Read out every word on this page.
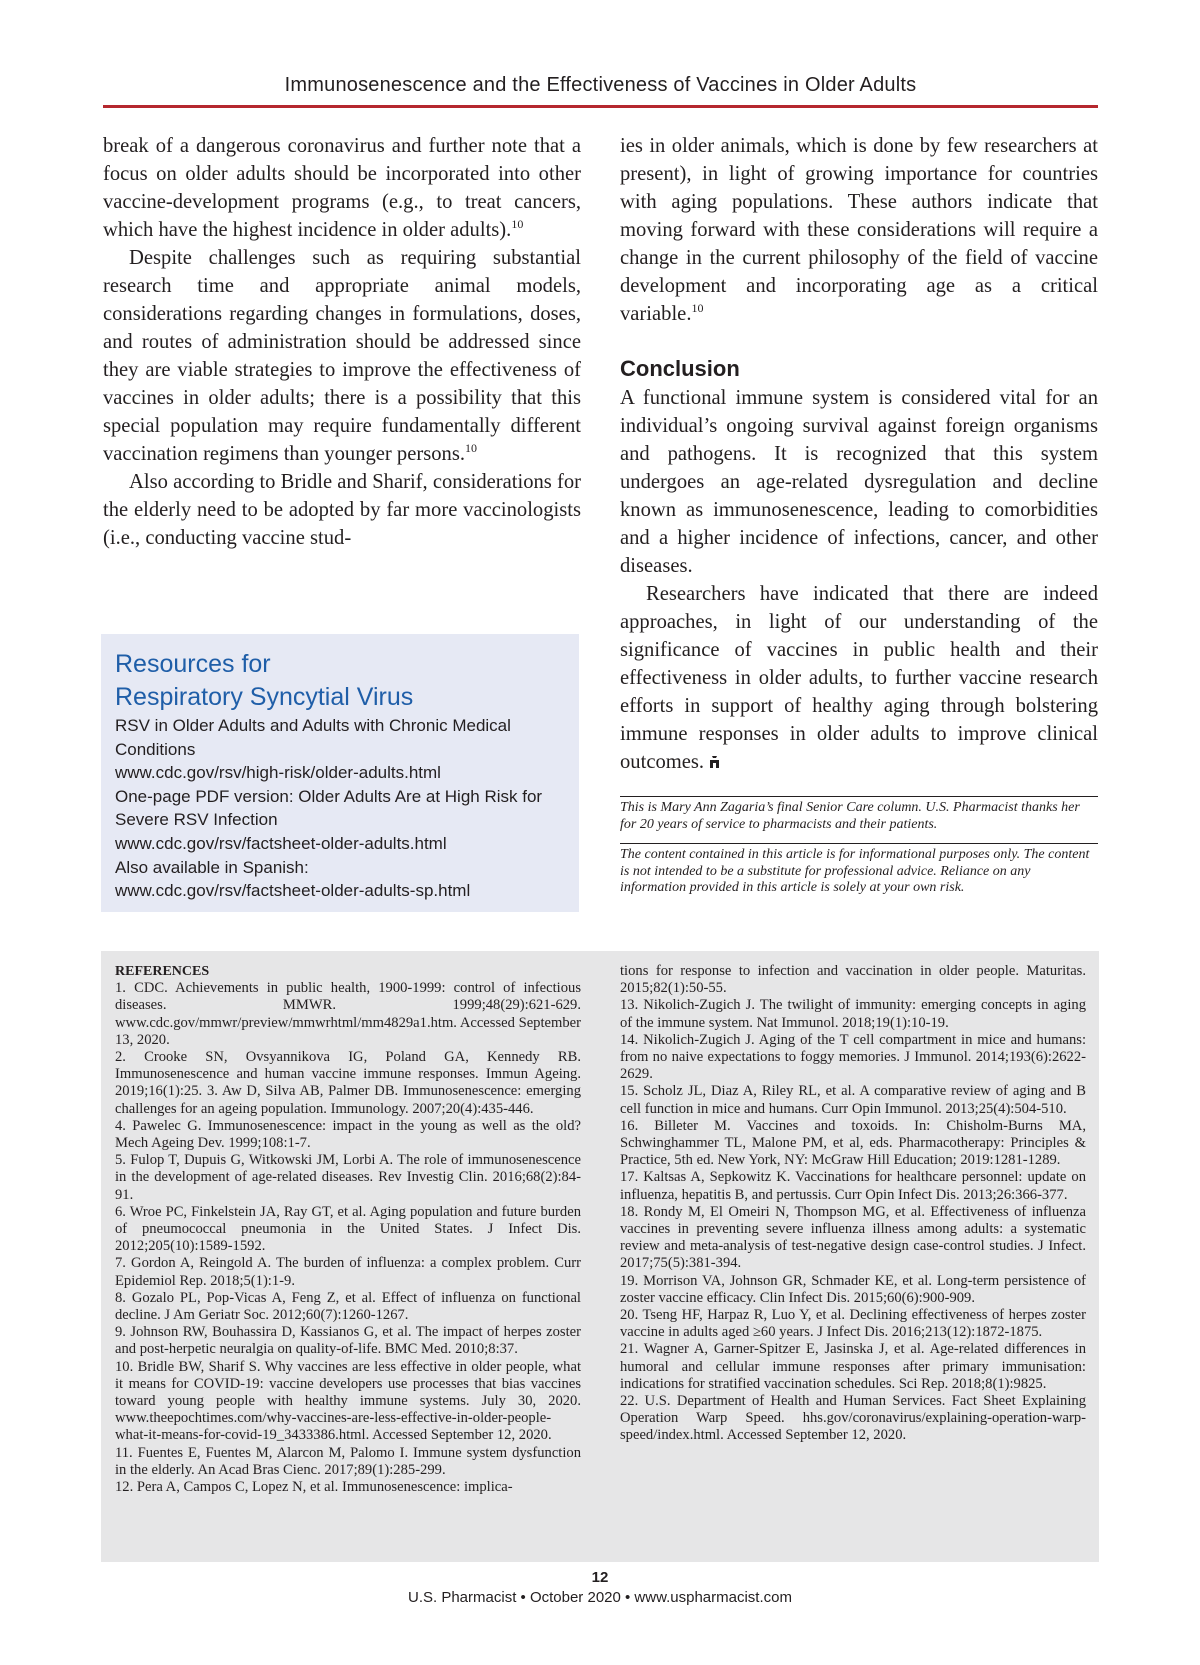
Immunosenescence and the Effectiveness of Vaccines in Older Adults

break of a dangerous coronavirus and further note that a focus on older adults should be incorporated into other vaccine-development programs (e.g., to treat cancers, which have the highest incidence in older adults).$^{10}$

Despite challenges such as requiring substantial research time and appropriate animal models, considerations regarding changes in formulations, doses, and routes of administration should be addressed since they are viable strategies to improve the effectiveness of vaccines in older adults; there is a possibility that this special population may require fundamentally different vaccination regimens than younger persons.$^{10}$

Also according to Bridle and Sharif, considerations for the elderly need to be adopted by far more vaccinologists (i.e., conducting vaccine stud-

Resources for
Respiratory Syncytial Virus
RSV in Older Adults and Adults with Chronic Medical
Conditions
www.cdc.gov/rsv/high-risk/older-adults.html
One-page PDF version: Older Adults Are at High Risk for
Severe RSV Infection
www.cdc.gov/rsv/factsheet-older-adults.html
Also available in Spanish:
www.cdc.gov/rsv/factsheet-older-adults-sp.html

ies in older animals, which is done by few researchers at present), in light of growing importance for countries with aging populations. These authors indicate that moving forward with these considerations will require a change in the current philosophy of the field of vaccine development and incorporating age as a critical variable.$^{10}$

Conclusion

A functional immune system is considered vital for an individual’s ongoing survival against foreign organisms and pathogens. It is recognized that this system undergoes an age-related dysregulation and decline known as immunosenescence, leading to comorbidities and a higher incidence of infections, cancer, and other diseases.

Researchers have indicated that there are indeed approaches, in light of our understanding of the significance of vaccines in public health and their effectiveness in older adults, to further vaccine research efforts in support of healthy aging through bolstering immune responses in older adults to improve clinical outcomes.

This is Mary Ann Zagaria’s final Senior Care column. U.S. Pharmacist thanks her for 20 years of service to pharmacists and their patients.
The content contained in this article is for informational purposes only. The content is not intended to be a substitute for professional advice. Reliance on any information provided in this article is solely at your own risk.

REFERENCES

1. CDC. Achievements in public health, 1900-1999: control of infectious diseases. MMWR. 1999;48(29):621-629. www.cdc.gov/mmwr/preview/mmwrhtml/mm4829a1.htm. Accessed September 13, 2020.

2. Crooke SN, Ovsyannikova IG, Poland GA, Kennedy RB. Immunosenescence and human vaccine immune responses. Immun Ageing. 2019;16(1):25. 3. Aw D, Silva AB, Palmer DB. Immunosenescence: emerging challenges for an ageing population. Immunology. 2007;20(4):435-446.

4. Pawelec G. Immunosenescence: impact in the young as well as the old? Mech Ageing Dev. 1999;108:1-7.

5. Fulop T, Dupuis G, Witkowski JM, Lorbi A. The role of immunosenescence in the development of age-related diseases. Rev Investig Clin. 2016;68(2):84-91.

6. Wroe PC, Finkelstein JA, Ray GT, et al. Aging population and future burden of pneumococcal pneumonia in the United States. J Infect Dis. 2012;205(10):1589-1592.

7. Gordon A, Reingold A. The burden of influenza: a complex problem. Curr Epidemiol Rep. 2018;5(1):1-9.

8. Gozalo PL, Pop-Vicas A, Feng Z, et al. Effect of influenza on functional decline. J Am Geriatr Soc. 2012;60(7):1260-1267.

9. Johnson RW, Bouhassira D, Kassianos G, et al. The impact of herpes zoster and post-herpetic neuralgia on quality-of-life. BMC Med. 2010;8:37.

10. Bridle BW, Sharif S. Why vaccines are less effective in older people, what it means for COVID-19: vaccine developers use processes that bias vaccines toward young people with healthy immune systems. July 30, 2020. www.theepochtimes.com/why-vaccines-are-less-effective-in-older-people-what-it-means-for-covid-19_3433386.html. Accessed September 12, 2020.

11. Fuentes E, Fuentes M, Alarcon M, Palomo I. Immune system dysfunction in the elderly. An Acad Bras Cienc. 2017;89(1):285-299.

12. Pera A, Campos C, Lopez N, et al. Immunosenescence: implica-

tions for response to infection and vaccination in older people. Maturitas. 2015;82(1):50-55.

13. Nikolich-Zugich J. The twilight of immunity: emerging concepts in aging of the immune system. Nat Immunol. 2018;19(1):10-19.

14. Nikolich-Zugich J. Aging of the T cell compartment in mice and humans: from no naive expectations to foggy memories. J Immunol. 2014;193(6):2622-2629.

15. Scholz JL, Diaz A, Riley RL, et al. A comparative review of aging and B cell function in mice and humans. Curr Opin Immunol. 2013;25(4):504-510.

16. Billeter M. Vaccines and toxoids. In: Chisholm-Burns MA, Schwinghammer TL, Malone PM, et al, eds. Pharmacotherapy: Principles & Practice, 5th ed. New York, NY: McGraw Hill Education; 2019:1281-1289.

17. Kaltsas A, Sepkowitz K. Vaccinations for healthcare personnel: update on influenza, hepatitis B, and pertussis. Curr Opin Infect Dis. 2013;26:366-377.

18. Rondy M, El Omeiri N, Thompson MG, et al. Effectiveness of influenza vaccines in preventing severe influenza illness among adults: a systematic review and meta-analysis of test-negative design case-control studies. J Infect. 2017;75(5):381-394.

19. Morrison VA, Johnson GR, Schmader KE, et al. Long-term persistence of zoster vaccine efficacy. Clin Infect Dis. 2015;60(6):900-909.

20. Tseng HF, Harpaz R, Luo Y, et al. Declining effectiveness of herpes zoster vaccine in adults aged ≥60 years. J Infect Dis. 2016;213(12):1872-1875.

21. Wagner A, Garner-Spitzer E, Jasinska J, et al. Age-related differences in humoral and cellular immune responses after primary immunisation: indications for stratified vaccination schedules. Sci Rep. 2018;8(1):9825.

22. U.S. Department of Health and Human Services. Fact Sheet Explaining Operation Warp Speed. hhs.gov/coronavirus/explaining-operation-warp-speed/index.html. Accessed September 12, 2020.

12
U.S. Pharmacist • October 2020 • www.uspharmacist.com
